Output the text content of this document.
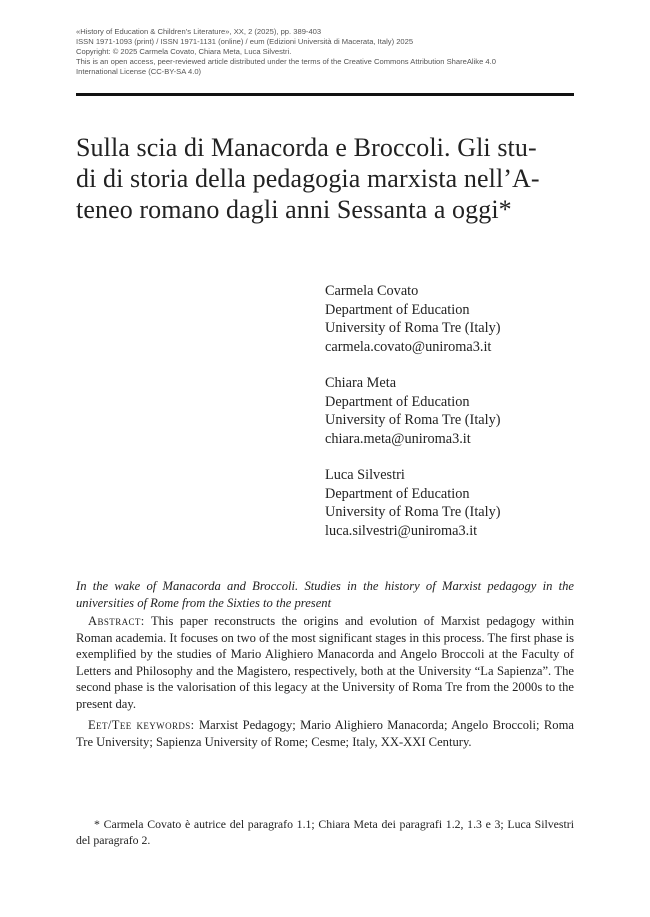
«History of Education & Children’s Literature», XX, 2 (2025), pp. 389-403
ISSN 1971-1093 (print) / ISSN 1971-1131 (online) / eum (Edizioni Università di Macerata, Italy) 2025
Copyright: © 2025 Carmela Covato, Chiara Meta, Luca Silvestri.
This is an open access, peer-reviewed article distributed under the terms of the Creative Commons Attribution ShareAlike 4.0
International License (CC-BY-SA 4.0)
Sulla scia di Manacorda e Broccoli. Gli stu-
di di storia della pedagogia marxista nell’A-
teneo romano dagli anni Sessanta a oggi*
Carmela Covato
Department of Education
University of Roma Tre (Italy)
carmela.covato@uniroma3.it
Chiara Meta
Department of Education
University of Roma Tre (Italy)
chiara.meta@uniroma3.it
Luca Silvestri
Department of Education
University of Roma Tre (Italy)
luca.silvestri@uniroma3.it
In the wake of Manacorda and Broccoli. Studies in the history of Marxist pedagogy in the universities of Rome from the Sixties to the present
Abstract: This paper reconstructs the origins and evolution of Marxist pedagogy within Roman academia. It focuses on two of the most significant stages in this process. The first phase is exemplified by the studies of Mario Alighiero Manacorda and Angelo Broccoli at the Faculty of Letters and Philosophy and the Magistero, respectively, both at the University “La Sapienza”. The second phase is the valorisation of this legacy at the University of Roma Tre from the 2000s to the present day.
Eet/Tee keywords: Marxist Pedagogy; Mario Alighiero Manacorda; Angelo Broccoli; Roma Tre University; Sapienza University of Rome; Cesme; Italy, XX-XXI Century.
* Carmela Covato è autrice del paragrafo 1.1; Chiara Meta dei paragrafi 1.2, 1.3 e 3; Luca Silvestri del paragrafo 2.
